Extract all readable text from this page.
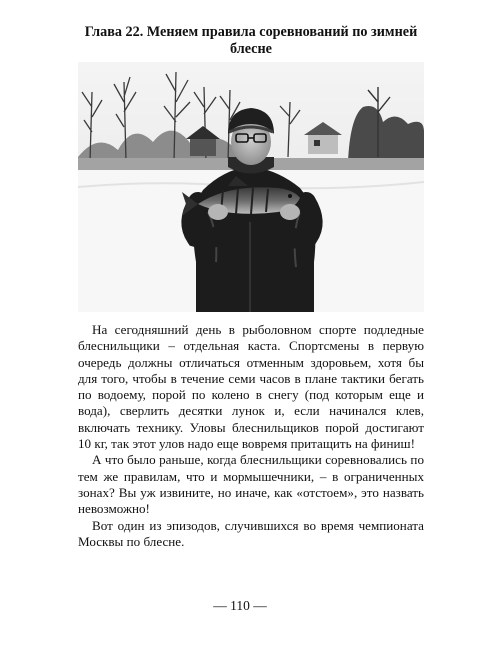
Глава 22. Меняем правила соревнований по зимней блесне

На сегодняшний день в рыболовном спорте подледные блеснильщики – отдельная каста. Спортсмены в первую очередь должны отличаться отменным здоровьем, хотя бы для того, чтобы в течение семи часов в плане тактики бегать по водоему, порой по колено в снегу (под которым еще и вода), сверлить десятки лунок и, если начинался клев, включать технику. Уловы блеснильщиков порой достигают 10 кг, так этот улов надо еще вовремя притащить на финиш!

А что было раньше, когда блеснильщики соревновались по тем же правилам, что и мормышечники, – в ограниченных зонах? Вы уж извините, но иначе, как «отстоем», это назвать невозможно!

Вот один из эпизодов, случившихся во время чемпионата Москвы по блесне.

— 110 —
